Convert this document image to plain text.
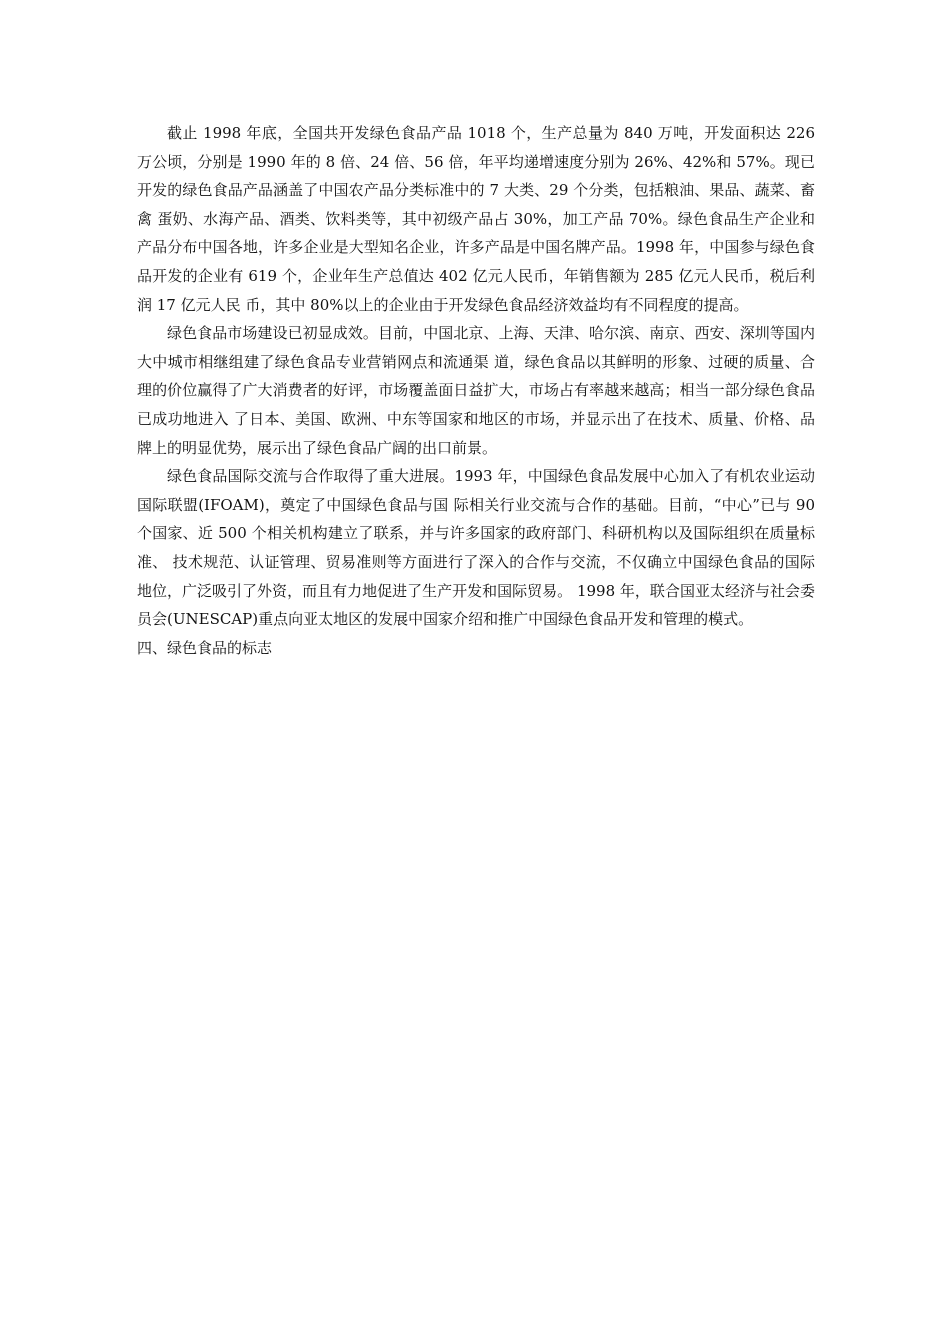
截止 1998 年底，全国共开发绿色食品产品 1018 个，生产总量为 840 万吨，开发面积达 226 万公顷，分别是 1990 年的 8 倍、24 倍、56 倍，年平均递增速度分别为 26%、42%和 57%。现已开发的绿色食品产品涵盖了中国农产品分类标准中的 7 大类、29 个分类，包括粮油、果品、蔬菜、畜禽 蛋奶、水海产品、酒类、饮料类等，其中初级产品占 30%，加工产品 70%。绿色食品生产企业和产品分布中国各地，许多企业是大型知名企业，许多产品是中国名牌产品。1998 年，中国参与绿色食品开发的企业有 619 个，企业年生产总值达 402 亿元人民币，年销售额为 285 亿元人民币，税后利润 17 亿元人民 币，其中 80%以上的企业由于开发绿色食品经济效益均有不同程度的提高。

绿色食品市场建设已初显成效。目前，中国北京、上海、天津、哈尔滨、南京、西安、深圳等国内大中城市相继组建了绿色食品专业营销网点和流通渠 道，绿色食品以其鲜明的形象、过硬的质量、合理的价位赢得了广大消费者的好评，市场覆盖面日益扩大，市场占有率越来越高；相当一部分绿色食品已成功地进入 了日本、美国、欧洲、中东等国家和地区的市场，并显示出了在技术、质量、价格、品牌上的明显优势，展示出了绿色食品广阔的出口前景。

绿色食品国际交流与合作取得了重大进展。1993 年，中国绿色食品发展中心加入了有机农业运动国际联盟(IFOAM)，奠定了中国绿色食品与国 际相关行业交流与合作的基础。目前，“中心”已与 90 个国家、近 500 个相关机构建立了联系，并与许多国家的政府部门、科研机构以及国际组织在质量标准、 技术规范、认证管理、贸易准则等方面进行了深入的合作与交流，不仅确立中国绿色食品的国际地位，广泛吸引了外资，而且有力地促进了生产开发和国际贸易。 1998 年，联合国亚太经济与社会委员会(UNESCAP)重点向亚太地区的发展中国家介绍和推广中国绿色食品开发和管理的模式。

四、绿色食品的标志
